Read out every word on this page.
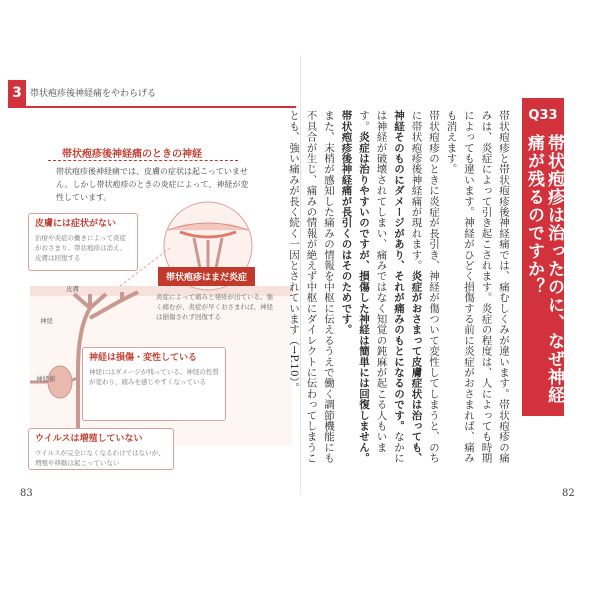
3 帯状疱疹後神経痛をやわらげる
帯状疱疹後神経痛のときの神経
帯状疱疹後神経痛では、皮膚の症状は起こっていません。しかし帯状疱疹のときの炎症によって、神経が変性しています。
皮膚
神経
神経節
皮膚には症状がない
治療や炎症の働きによって炎症がおさまり、帯状疱疹は消え、皮膚は回復する
帯状疱疹はまだ炎症
炎症によって痛みと発疹が出ている。強く痛むが、炎症が早くおさまれば、神経は損傷されず回復する
神経は損傷・変性している
神経にはダメージが残っている。神経の性質が変わり、痛みを感じやすくなっている
ウイルスは増殖していない
ウイルスが完全になくなるわけではないが、増殖や移動は起こっていない
83
Q33
帯状疱疹は治ったのに、なぜ神経痛が残るのですか？
帯状疱疹と帯状疱疹後神経痛では、痛むしくみが違います。帯状疱疹の痛みは、炎症によって引き起こされます。炎症の程度は、人によっても時期によっても違います。神経がひどく損傷する前に炎症がおさまれば、痛みも消えます。
帯状疱疹のときに炎症が長引き、神経が傷ついて変性してしまうと、のちに帯状疱疹後神経痛が現れます。炎症がおさまって皮膚症状は治っても、神経そのものにダメージがあり、それが痛みのもとになるのです。なかには神経が破壊されてしまい、痛みではなく知覚の鈍麻が起こる人もいます。炎症は治りやすいのですが、損傷した神経は簡単には回復しません。帯状疱疹後神経痛が長引くのはそのためです。
また、末梢が感知した痛みの情報を中枢に伝えるうえで働く調節機能にも不具合が生じ、痛みの情報が絶えず中枢にダイレクトに伝わってしまうことも、強い痛みが長く続く一因とされています（→P.10）。
82
